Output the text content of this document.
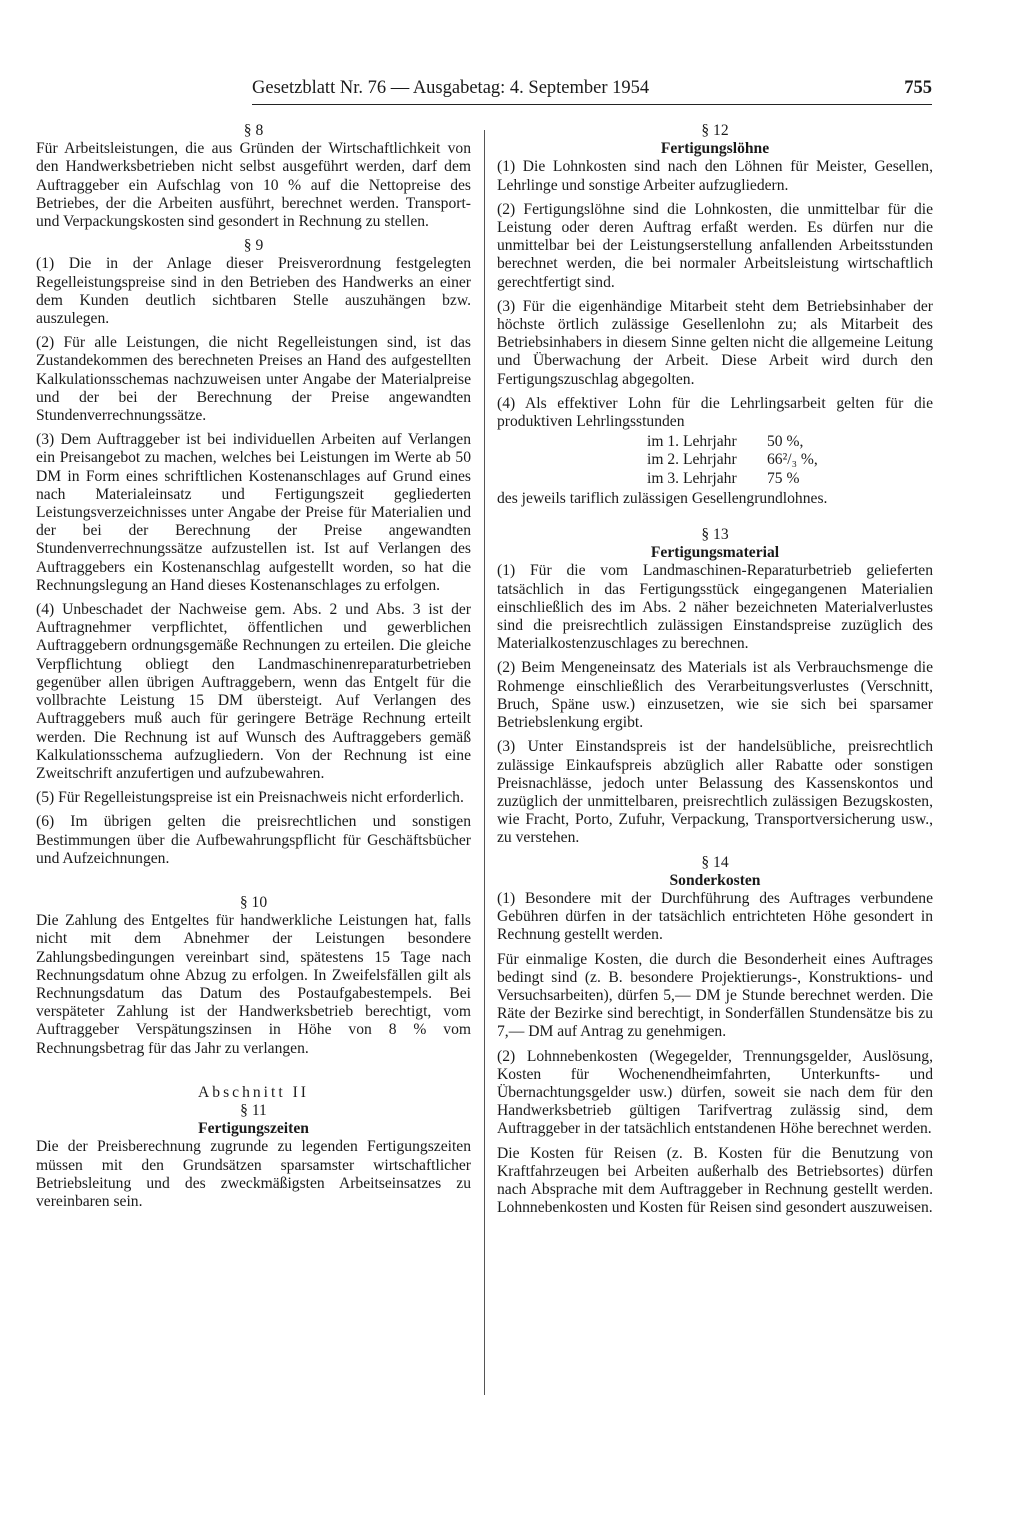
Gesetzblatt Nr. 76 — Ausgabetag: 4. September 1954	755
§ 8

Für Arbeitsleistungen, die aus Gründen der Wirtschaftlichkeit von den Handwerksbetrieben nicht selbst ausgeführt werden, darf dem Auftraggeber ein Aufschlag von 10 % auf die Nettopreise des Betriebes, der die Arbeiten ausführt, berechnet werden. Transport- und Verpackungskosten sind gesondert in Rechnung zu stellen.

§ 9

(1) Die in der Anlage dieser Preisverordnung festgelegten Regelleistungspreise sind in den Betrieben des Handwerks an einer dem Kunden deutlich sichtbaren Stelle auszuhängen bzw. auszulegen.

(2) Für alle Leistungen, die nicht Regelleistungen sind, ist das Zustandekommen des berechneten Preises an Hand des aufgestellten Kalkulationsschemas nachzuweisen unter Angabe der Materialpreise und der bei der Berechnung der Preise angewandten Stundenverrechnungssätze.

(3) Dem Auftraggeber ist bei individuellen Arbeiten auf Verlangen ein Preisangebot zu machen, welches bei Leistungen im Werte ab 50 DM in Form eines schriftlichen Kostenanschlages auf Grund eines nach Materialeinsatz und Fertigungszeit gegliederten Leistungsverzeichnisses unter Angabe der Preise für Materialien und der bei der Berechnung der Preise angewandten Stundenverrechnungssätze aufzustellen ist. Ist auf Verlangen des Auftraggebers ein Kostenanschlag aufgestellt worden, so hat die Rechnungslegung an Hand dieses Kostenanschlages zu erfolgen.

(4) Unbeschadet der Nachweise gem. Abs. 2 und Abs. 3 ist der Auftragnehmer verpflichtet, öffentlichen und gewerblichen Auftraggebern ordnungsgemäße Rechnungen zu erteilen. Die gleiche Verpflichtung obliegt den Landmaschinenreparaturbetrieben gegenüber allen übrigen Auftraggebern, wenn das Entgelt für die vollbrachte Leistung 15 DM übersteigt. Auf Verlangen des Auftraggebers muß auch für geringere Beträge Rechnung erteilt werden. Die Rechnung ist auf Wunsch des Auftraggebers gemäß Kalkulationsschema aufzugliedern. Von der Rechnung ist eine Zweitschrift anzufertigen und aufzubewahren.

(5) Für Regelleistungspreise ist ein Preisnachweis nicht erforderlich.

(6) Im übrigen gelten die preisrechtlichen und sonstigen Bestimmungen über die Aufbewahrungspflicht für Geschäftsbücher und Aufzeichnungen.

§ 10

Die Zahlung des Entgeltes für handwerkliche Leistungen hat, falls nicht mit dem Abnehmer der Leistungen besondere Zahlungsbedingungen vereinbart sind, spätestens 15 Tage nach Rechnungsdatum ohne Abzug zu erfolgen. In Zweifelsfällen gilt als Rechnungsdatum das Datum des Postaufgabestempels. Bei verspäteter Zahlung ist der Handwerksbetrieb berechtigt, vom Auftraggeber Verspätungszinsen in Höhe von 8 % vom Rechnungsbetrag für das Jahr zu verlangen.

Abschnitt II
§ 11
Fertigungszeiten

Die der Preisberechnung zugrunde zu legenden Fertigungszeiten müssen mit den Grundsätzen sparsamster wirtschaftlicher Betriebsleitung und des zweckmäßigsten Arbeitseinsatzes zu vereinbaren sein.

§ 12
Fertigungslöhne

(1) Die Lohnkosten sind nach den Löhnen für Meister, Gesellen, Lehrlinge und sonstige Arbeiter aufzugliedern.

(2) Fertigungslöhne sind die Lohnkosten, die unmittelbar für die Leistung oder deren Auftrag erfaßt werden. Es dürfen nur die unmittelbar bei der Leistungserstellung anfallenden Arbeitsstunden berechnet werden, die bei normaler Arbeitsleistung wirtschaftlich gerechtfertigt sind.

(3) Für die eigenhändige Mitarbeit steht dem Betriebsinhaber der höchste örtlich zulässige Gesellenlohn zu; als Mitarbeit des Betriebsinhabers in diesem Sinne gelten nicht die allgemeine Leitung und Überwachung der Arbeit. Diese Arbeit wird durch den Fertigungszuschlag abgegolten.

(4) Als effektiver Lohn für die Lehrlingsarbeit gelten für die produktiven Lehrlingsstunden

im 1. Lehrjahr	50 %,
im 2. Lehrjahr	66²/₃ %,
im 3. Lehrjahr	75 %

des jeweils tariflich zulässigen Gesellengrundlohnes.

§ 13
Fertigungsmaterial

(1) Für die vom Landmaschinen-Reparaturbetrieb gelieferten tatsächlich in das Fertigungsstück eingegangenen Materialien einschließlich des im Abs. 2 näher bezeichneten Materialverlustes sind die preisrechtlich zulässigen Einstandspreise zuzüglich des Materialkostenzuschlages zu berechnen.

(2) Beim Mengeneinsatz des Materials ist als Verbrauchsmenge die Rohmenge einschließlich des Verarbeitungsverlustes (Verschnitt, Bruch, Späne usw.) einzusetzen, wie sie sich bei sparsamer Betriebslenkung ergibt.

(3) Unter Einstandspreis ist der handelsübliche, preisrechtlich zulässige Einkaufspreis abzüglich aller Rabatte oder sonstigen Preisnachlässe, jedoch unter Belassung des Kassenskontos und zuzüglich der unmittelbaren, preisrechtlich zulässigen Bezugskosten, wie Fracht, Porto, Zufuhr, Verpackung, Transportversicherung usw., zu verstehen.

§ 14
Sonderkosten

(1) Besondere mit der Durchführung des Auftrages verbundene Gebühren dürfen in der tatsächlich entrichteten Höhe gesondert in Rechnung gestellt werden.

Für einmalige Kosten, die durch die Besonderheit eines Auftrages bedingt sind (z. B. besondere Projektierungs-, Konstruktions- und Versuchsarbeiten), dürfen 5,— DM je Stunde berechnet werden. Die Räte der Bezirke sind berechtigt, in Sonderfällen Stundensätze bis zu 7,— DM auf Antrag zu genehmigen.

(2) Lohnnebenkosten (Wegegelder, Trennungsgelder, Auslösung, Kosten für Wochenendheimfahrten, Unterkunfts- und Übernachtungsgelder usw.) dürfen, soweit sie nach dem für den Handwerksbetrieb gültigen Tarifvertrag zulässig sind, dem Auftraggeber in der tatsächlich entstandenen Höhe berechnet werden.

Die Kosten für Reisen (z. B. Kosten für die Benutzung von Kraftfahrzeugen bei Arbeiten außerhalb des Betriebsortes) dürfen nach Absprache mit dem Auftraggeber in Rechnung gestellt werden. Lohnnebenkosten und Kosten für Reisen sind gesondert auszuweisen.
